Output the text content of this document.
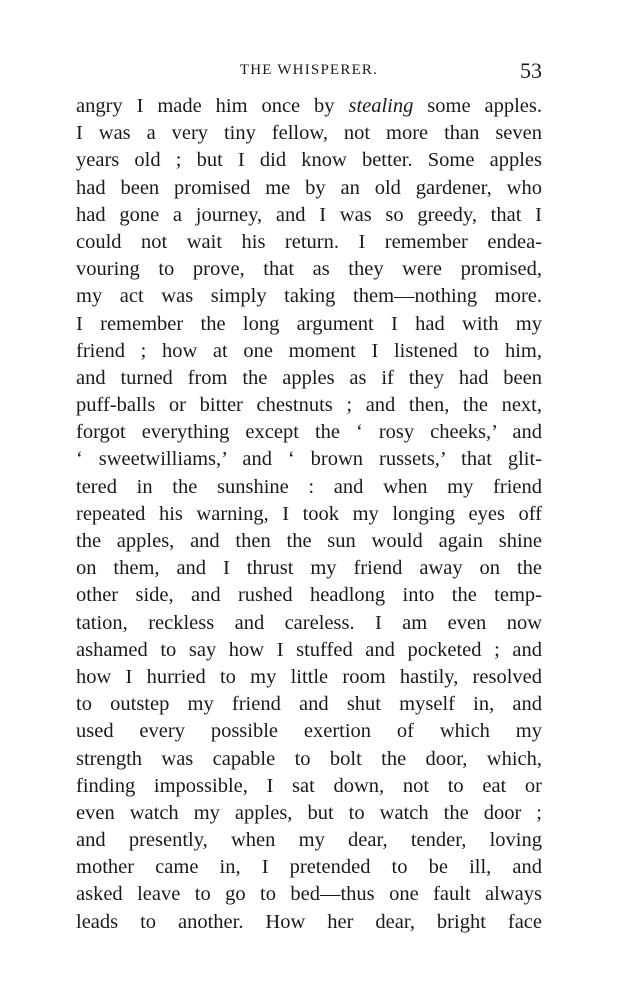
THE WHISPERER.	53
angry I made him once by stealing some apples.
I was a very tiny fellow, not more than seven
years old ; but I did know better. Some apples
had been promised me by an old gardener, who
had gone a journey, and I was so greedy, that I
could not wait his return. I remember endea-
vouring to prove, that as they were promised,
my act was simply taking them—nothing more.
I remember the long argument I had with my
friend ; how at one moment I listened to him,
and turned from the apples as if they had been
puff-balls or bitter chestnuts ; and then, the next,
forgot everything except the ‘ rosy cheeks,’ and
‘ sweetwilliams,’ and ‘ brown russets,’ that glit-
tered in the sunshine : and when my friend
repeated his warning, I took my longing eyes off
the apples, and then the sun would again shine
on them, and I thrust my friend away on the
other side, and rushed headlong into the temp-
tation, reckless and careless. I am even now
ashamed to say how I stuffed and pocketed ; and
how I hurried to my little room hastily, resolved
to outstep my friend and shut myself in, and
used every possible exertion of which my
strength was capable to bolt the door, which,
finding impossible, I sat down, not to eat or
even watch my apples, but to watch the door ;
and presently, when my dear, tender, loving
mother came in, I pretended to be ill, and
asked leave to go to bed—thus one fault always
leads to another. How her dear, bright face
